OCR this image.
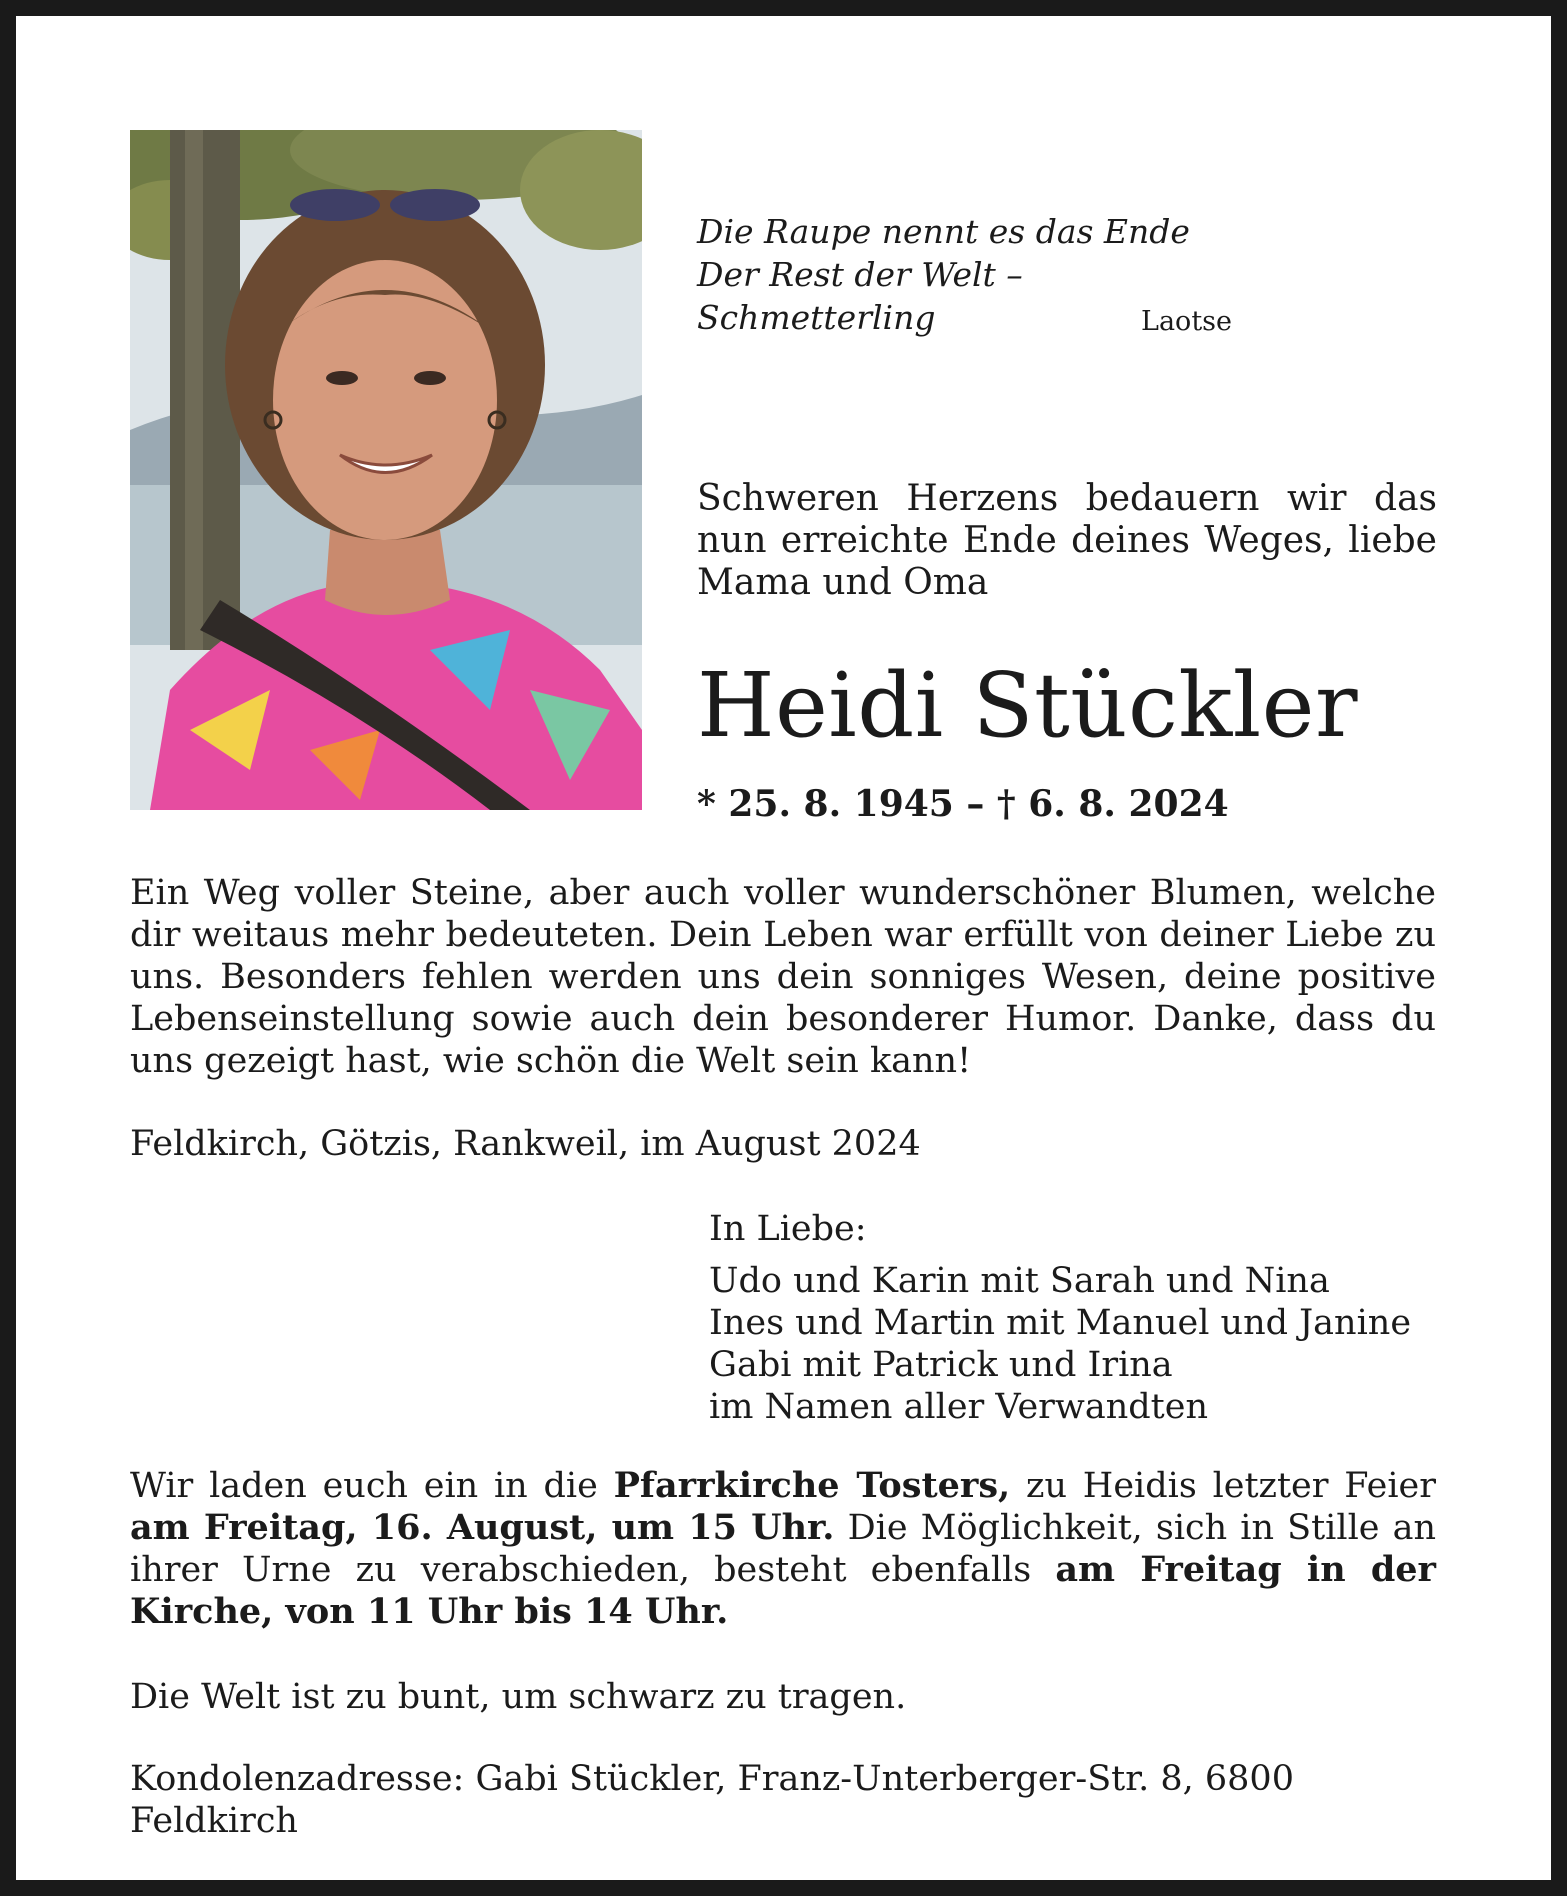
Die Raupe nennt es das Ende
Der Rest der Welt – Schmetterling	Laotse
Schweren Herzens bedauern wir das nun erreichte Ende deines Weges, liebe Mama und Oma
Heidi Stückler
* 25. 8. 1945 – † 6. 8. 2024
Ein Weg voller Steine, aber auch voller wunderschöner Blumen, welche dir weitaus mehr bedeuteten. Dein Leben war erfüllt von deiner Liebe zu uns. Besonders fehlen werden uns dein sonniges Wesen, deine positive Lebenseinstellung sowie auch dein besonderer Humor. Danke, dass du uns gezeigt hast, wie schön die Welt sein kann!
Feldkirch, Götzis, Rankweil, im August 2024
In Liebe:
Udo und Karin mit Sarah und Nina
Ines und Martin mit Manuel und Janine
Gabi mit Patrick und Irina
im Namen aller Verwandten
Wir laden euch ein in die Pfarrkirche Tosters, zu Heidis letzter Feier am Freitag, 16. August, um 15 Uhr. Die Möglichkeit, sich in Stille an ihrer Urne zu verabschieden, besteht ebenfalls am Freitag in der Kirche, von 11 Uhr bis 14 Uhr.
Die Welt ist zu bunt, um schwarz zu tragen.
Kondolenzadresse: Gabi Stückler, Franz-Unterberger-Str. 8, 6800 Feldkirch
